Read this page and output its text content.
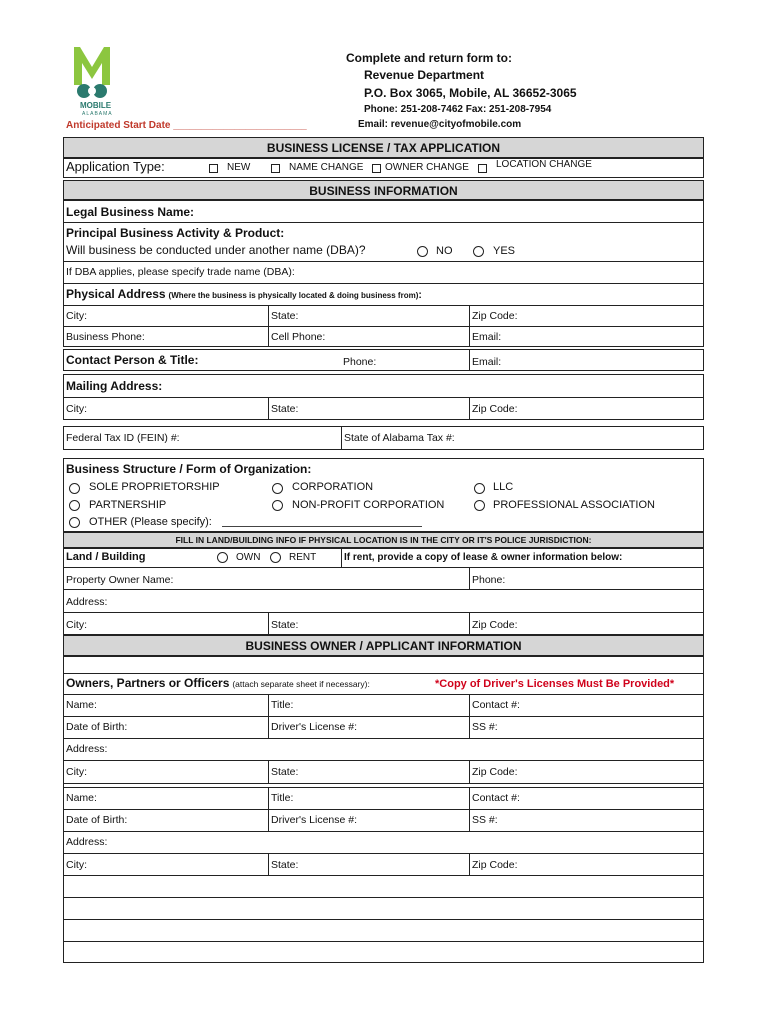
MOBILE
ALABAMA
Complete and return form to:
Revenue Department
P.O. Box 3065, Mobile, AL 36652-3065
Phone: 251-208-7462 Fax: 251-208-7954
Email: revenue@cityofmobile.com
Anticipated Start Date ________________________
BUSINESS LICENSE / TAX APPLICATION
Application Type:	NEW	NAME CHANGE OWNER CHANGE	LOCATION CHANGE
BUSINESS INFORMATION
Legal Business Name:
Principal Business Activity & Product:
Will business be conducted under another name (DBA)?	NO	YES
If DBA applies, please specify trade name (DBA):
Physical Address (Where the business is physically located & doing business from):
City:	State:	Zip Code:
Business Phone:	Cell Phone:	Email:
Contact Person & Title:	Phone:	Email:
Mailing Address:
City:	State:	Zip Code:
Federal Tax ID (FEIN) #:	State of Alabama Tax #:
Business Structure / Form of Organization:
SOLE PROPRIETORSHIP	CORPORATION	LLC
PARTNERSHIP	NON-PROFIT CORPORATION	PROFESSIONAL ASSOCIATION
OTHER (Please specify):
FILL IN LAND/BUILDING INFO IF PHYSICAL LOCATION IS IN THE CITY OR IT'S POLICE JURISDICTION:
Land / Building	OWN	RENT	If rent, provide a copy of lease & owner information below:
Property Owner Name:	Phone:
Address:
City:	State:	Zip Code:
BUSINESS OWNER / APPLICANT INFORMATION
Owners, Partners or Officers (attach separate sheet if necessary):	*Copy of Driver's Licenses Must Be Provided*
Name:	Title:	Contact #:
Date of Birth:	Driver's License #:	SS #:
Address:
City:	State:	Zip Code:
Name:	Title:	Contact #:
Date of Birth:	Driver's License #:	SS #:
Address:
City:	State:	Zip Code:
